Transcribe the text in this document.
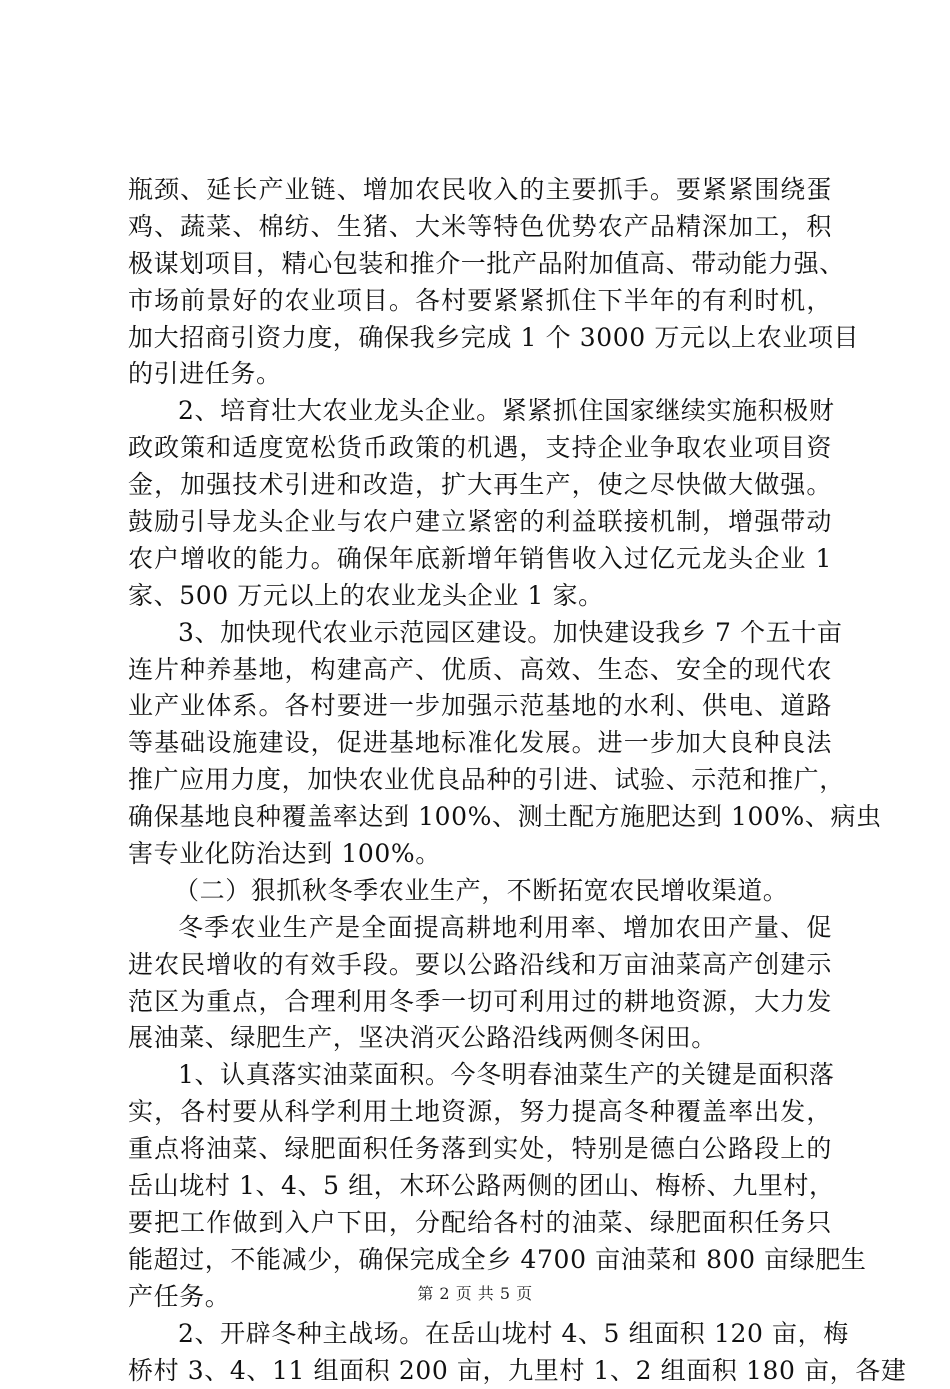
瓶颈、延长产业链、增加农民收入的主要抓手。要紧紧围绕蛋
鸡、蔬菜、棉纺、生猪、大米等特色优势农产品精深加工，积
极谋划项目，精心包装和推介一批产品附加值高、带动能力强、
市场前景好的农业项目。各村要紧紧抓住下半年的有利时机，
加大招商引资力度，确保我乡完成 1 个 3000 万元以上农业项目
的引进任务。
2、培育壮大农业龙头企业。紧紧抓住国家继续实施积极财
政政策和适度宽松货币政策的机遇，支持企业争取农业项目资
金，加强技术引进和改造，扩大再生产，使之尽快做大做强。
鼓励引导龙头企业与农户建立紧密的利益联接机制，增强带动
农户增收的能力。确保年底新增年销售收入过亿元龙头企业 1
家、500 万元以上的农业龙头企业 1 家。
3、加快现代农业示范园区建设。加快建设我乡 7 个五十亩
连片种养基地，构建高产、优质、高效、生态、安全的现代农
业产业体系。各村要进一步加强示范基地的水利、供电、道路
等基础设施建设，促进基地标准化发展。进一步加大良种良法
推广应用力度，加快农业优良品种的引进、试验、示范和推广，
确保基地良种覆盖率达到 100%、测土配方施肥达到 100%、病虫
害专业化防治达到 100%。
（二）狠抓秋冬季农业生产，不断拓宽农民增收渠道。
冬季农业生产是全面提高耕地利用率、增加农田产量、促
进农民增收的有效手段。要以公路沿线和万亩油菜高产创建示
范区为重点，合理利用冬季一切可利用过的耕地资源，大力发
展油菜、绿肥生产，坚决消灭公路沿线两侧冬闲田。
1、认真落实油菜面积。今冬明春油菜生产的关键是面积落
实，各村要从科学利用土地资源，努力提高冬种覆盖率出发，
重点将油菜、绿肥面积任务落到实处，特别是德白公路段上的
岳山垅村 1、4、5 组，木环公路两侧的团山、梅桥、九里村，
要把工作做到入户下田，分配给各村的油菜、绿肥面积任务只
能超过，不能减少，确保完成全乡 4700 亩油菜和 800 亩绿肥生
产任务。
2、开辟冬种主战场。在岳山垅村 4、5 组面积 120 亩，梅
桥村 3、4、11 组面积 200 亩，九里村 1、2 组面积 180 亩，各建
第 2 页 共 5 页
